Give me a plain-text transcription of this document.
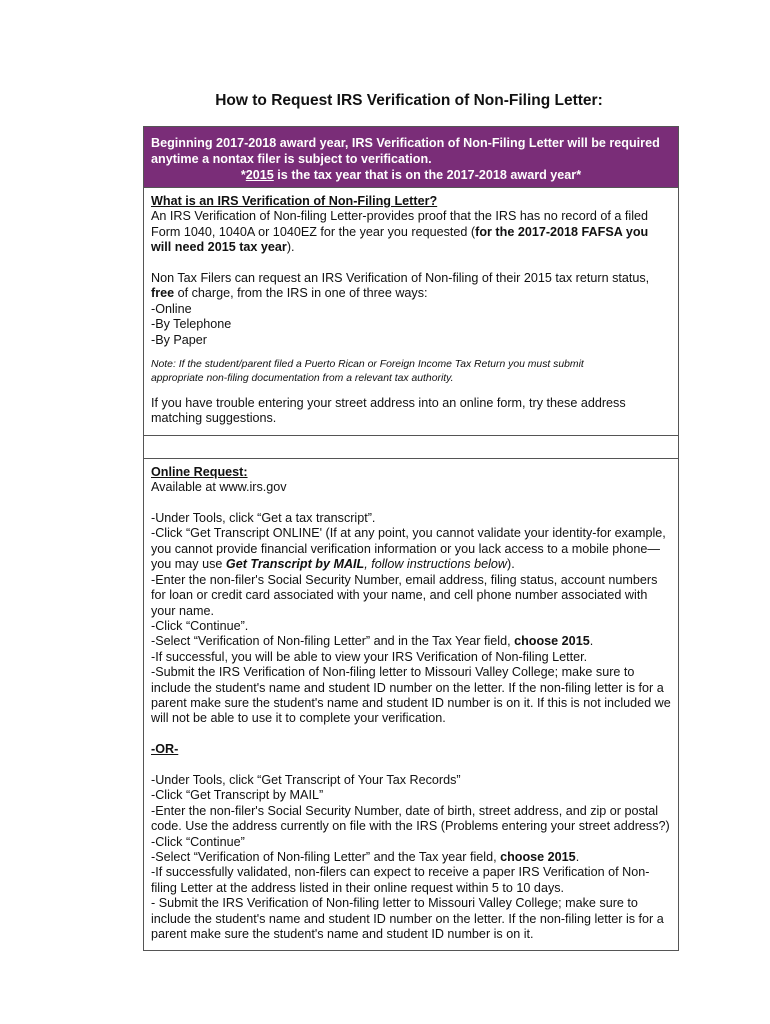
How to Request IRS Verification of Non-Filing Letter:
Beginning 2017-2018 award year, IRS Verification of Non-Filing Letter will be required
anytime a nontax filer is subject to verification.
*2015 is the tax year that is on the 2017-2018 award year*
What is an IRS Verification of Non-Filing Letter?
An IRS Verification of Non-filing Letter-provides proof that the IRS has no record of a filed
Form 1040, 1040A or 1040EZ for the year you requested (for the 2017-2018 FAFSA you
will need 2015 tax year).
Non Tax Filers can request an IRS Verification of Non-filing of their 2015 tax return status,
free of charge, from the IRS in one of three ways:
-Online
-By Telephone
-By Paper
Note: If the student/parent filed a Puerto Rican or Foreign Income Tax Return you must submit
appropriate non-filing documentation from a relevant tax authority.
If you have trouble entering your street address into an online form, try these address
matching suggestions.
Online Request:
Available at www.irs.gov
-Under Tools, click “Get a tax transcript”.
-Click “Get Transcript ONLINE' (If at any point, you cannot validate your identity-for example,
you cannot provide financial verification information or you lack access to a mobile phone—
you may use Get Transcript by MAIL, follow instructions below).
-Enter the non-filer's Social Security Number, email address, filing status, account numbers
for loan or credit card associated with your name, and cell phone number associated with
your name.
-Click “Continue”.
-Select “Verification of Non-filing Letter” and in the Tax Year field, choose 2015.
-If successful, you will be able to view your IRS Verification of Non-filing Letter.
-Submit the IRS Verification of Non-filing letter to Missouri Valley College; make sure to
include the student's name and student ID number on the letter. If the non-filing letter is for a
parent make sure the student's name and student ID number is on it. If this is not included we
will not be able to use it to complete your verification.
-OR-
-Under Tools, click “Get Transcript of Your Tax Records”
-Click “Get Transcript by MAIL”
-Enter the non-filer's Social Security Number, date of birth, street address, and zip or postal
code. Use the address currently on file with the IRS (Problems entering your street address?)
-Click “Continue”
-Select “Verification of Non-filing Letter” and the Tax year field, choose 2015.
-If successfully validated, non-filers can expect to receive a paper IRS Verification of Non-
filing Letter at the address listed in their online request within 5 to 10 days.
- Submit the IRS Verification of Non-filing letter to Missouri Valley College; make sure to
include the student's name and student ID number on the letter. If the non-filing letter is for a
parent make sure the student's name and student ID number is on it.
